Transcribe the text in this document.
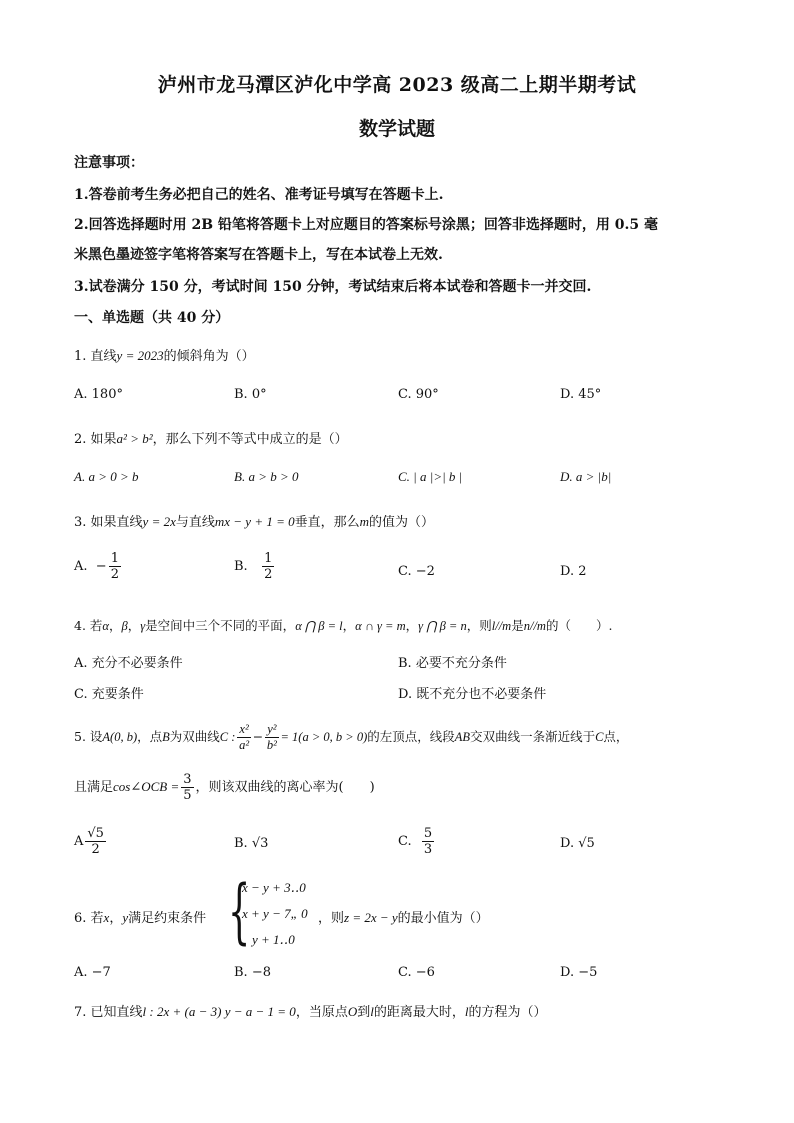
泸州市龙马潭区泸化中学高 2023 级高二上期半期考试
数学试题
注意事项：
1.答卷前考生务必把自己的姓名、准考证号填写在答题卡上.
2.回答选择题时用 2B 铅笔将答题卡上对应题目的答案标号涂黑；回答非选择题时，用 0.5 毫
米黑色墨迹签字笔将答案写在答题卡上，写在本试卷上无效.
3.试卷满分 150 分，考试时间 150 分钟，考试结束后将本试卷和答题卡一并交回.
一、单选题（共 40 分）
1. 直线y = 2023的倾斜角为（）
A. 180°	B. 0°	C. 90°	D. 45°
2. 如果a² > b²，那么下列不等式中成立的是（）
A. a > 0 > b	B. a > b > 0	C. | a |>| b |	D. a > |b|
3. 如果直线y = 2x与直线mx − y + 1 = 0垂直，那么m的值为（）
A. − $\frac{1}{2}$	B. $\frac{1}{2}$	C. −2	D. 2
4. 若α，β，γ是空间中三个不同的平面，α ⋂ β = l，α ∩ γ = m，γ ⋂ β = n，则l//m是n//m的（　　）.
A. 充分不必要条件	B. 必要不充分条件
C. 充要条件	D. 既不充分也不必要条件
5. 设A(0, b)，点B为双曲线C : $\frac{\text{x²}}{\text{a²}} - \frac{\text{y²}}{\text{b²}} = 1(a > 0$, b > 0)的左顶点，线段AB交双曲线一条渐近线于C点，
且满足cos∠OCB = $\frac{3}{5}$ ，则该双曲线的离心率为(　　)
A $\frac{√5}{2}$	B. √3	C. $\frac{5}{3}$	D. √5
6. 若x，y满足约束条件 {
x − y + 3‥0
x + y − 7„ 0
y + 1‥0
，则z = 2x − y的最小值为（）
A. −7	B. −8	C. −6	D. −5
7. 已知直线l : 2x + (a − 3) y − a − 1 = 0，当原点O到l的距离最大时，l的方程为（）
